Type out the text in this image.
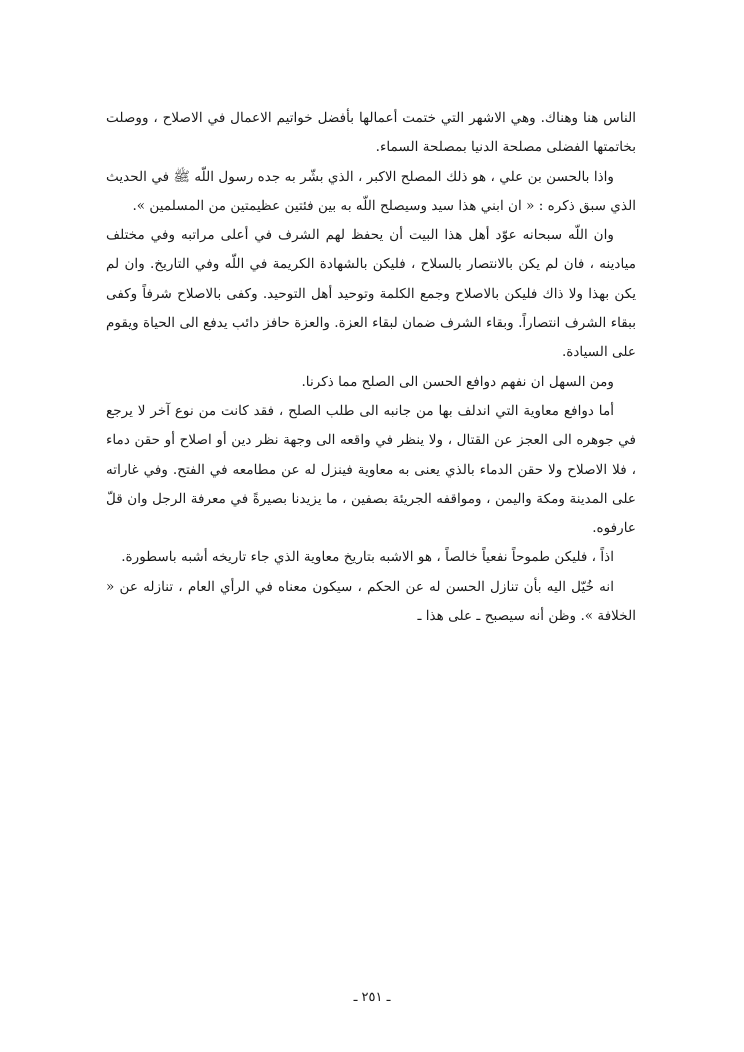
الناس هنا وهناك. وهي الاشهر التي ختمت أعمالها بأفضل خواتيم الاعمال في الاصلاح ، ووصلت بخاتمتها الفضلى مصلحة الدنيا بمصلحة السماء.

واذا بالحسن بن علي ، هو ذلك المصلح الاكبر ، الذي بشّر به جده رسول اللّه ﷺ في الحديث الذي سبق ذكره : « ان ابني هذا سيد وسيصلح اللّه به بين فئتين عظيمتين من المسلمين ».

وان اللّه سبحانه عوّد أهل هذا البيت أن يحفظ لهم الشرف في أعلى مراتبه وفي مختلف ميادينه ، فان لم يكن بالانتصار بالسلاح ، فليكن بالشهادة الكريمة في اللّه وفي التاريخ. وان لم يكن بهذا ولا ذاك فليكن بالاصلاح وجمع الكلمة وتوحيد أهل التوحيد. وكفى بالاصلاح شرفاً وكفى ببقاء الشرف انتصاراً. وبقاء الشرف ضمان لبقاء العزة. والعزة حافز دائب يدفع الى الحياة ويقوم على السيادة.

ومن السهل ان نفهم دوافع الحسن الى الصلح مما ذكرنا.

أما دوافع معاوية التي اندلف بها من جانبه الى طلب الصلح ، فقد كانت من نوع آخر لا يرجع في جوهره الى العجز عن القتال ، ولا ينظر في واقعه الى وجهة نظر دين أو اصلاح أو حقن دماء ، فلا الاصلاح ولا حقن الدماء بالذي يعنى به معاوية فينزل له عن مطامعه في الفتح. وفي غاراته على المدينة ومكة واليمن ، ومواقفه الجريئة بصفين ، ما يزيدنا بصيرةً في معرفة الرجل وان قلّ عارفوه.

اذاً ، فليكن طموحاً نفعياً خالصاً ، هو الاشبه بتاريخ معاوية الذي جاء تاريخه أشبه باسطورة.

انه خُيّل اليه بأن تنازل الحسن له عن الحكم ، سيكون معناه في الرأي العام ، تنازله عن « الخلافة ». وظن أنه سيصبح ـ على هذا ـ

ـ ٢٥١ ـ
